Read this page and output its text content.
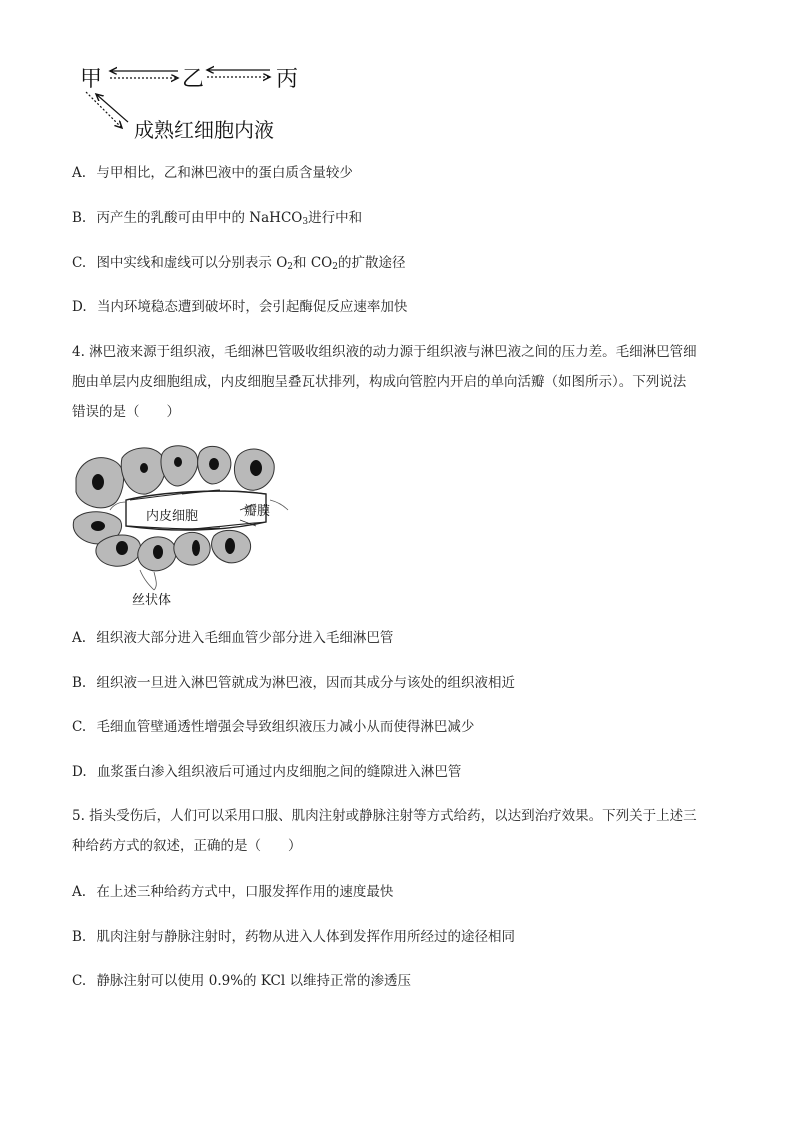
甲	乙	丙
成熟红细胞内液
A. 与甲相比，乙和淋巴液中的蛋白质含量较少
B. 丙产生的乳酸可由甲中的 NaHCO$_3$进行中和
C. 图中实线和虚线可以分别表示 $O_2$和 $CO_2$的扩散途径
D. 当内环境稳态遭到破坏时，会引起酶促反应速率加快
4. 淋巴液来源于组织液，毛细淋巴管吸收组织液的动力源于组织液与淋巴液之间的压力差。毛细淋巴管细
胞由单层内皮细胞组成，内皮细胞呈叠瓦状排列，构成向管腔内开启的单向活瓣（如图所示）。下列说法
错误的是（　　）
内皮细胞	瓣膜
丝状体
A. 组织液大部分进入毛细血管少部分进入毛细淋巴管
B. 组织液一旦进入淋巴管就成为淋巴液，因而其成分与该处的组织液相近
C. 毛细血管壁通透性增强会导致组织液压力减小从而使得淋巴减少
D. 血浆蛋白渗入组织液后可通过内皮细胞之间的缝隙进入淋巴管
5. 指头受伤后，人们可以采用口服、肌肉注射或静脉注射等方式给药，以达到治疗效果。下列关于上述三
种给药方式的叙述，正确的是（　　）
A. 在上述三种给药方式中，口服发挥作用的速度最快
B. 肌肉注射与静脉注射时，药物从进入人体到发挥作用所经过的途径相同
C. 静脉注射可以使用 0.9%的 KCl 以维持正常的渗透压
